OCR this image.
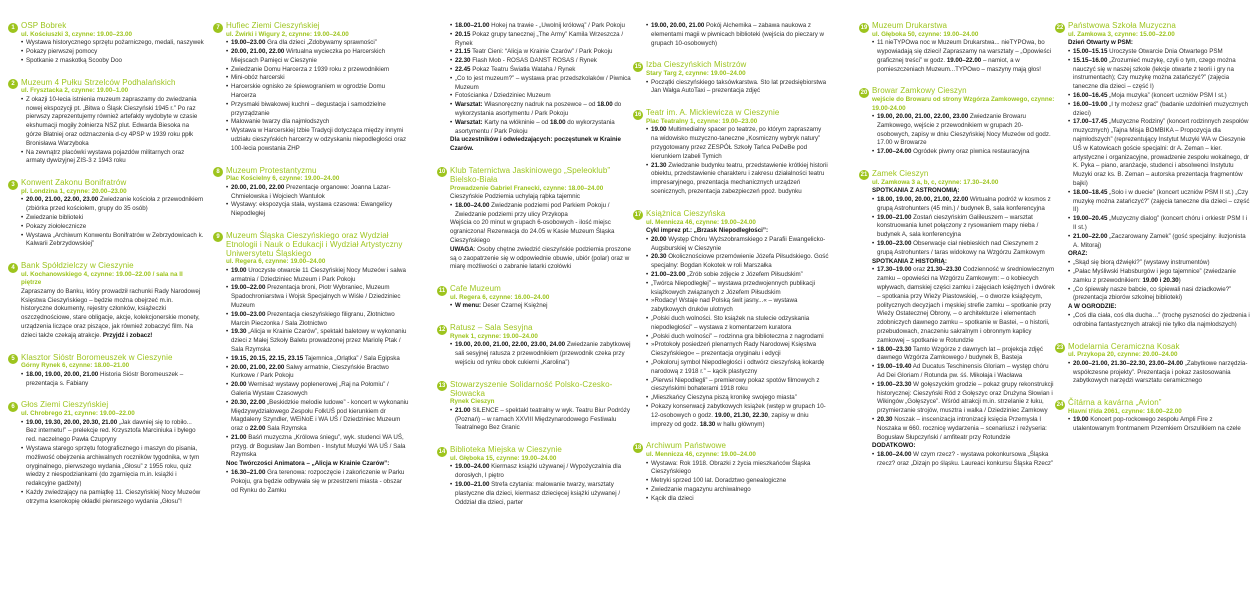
1 OSP Bobrek
ul. Kościuszki 3, czynne: 19.00–23.00
• Wystawa historycznego sprzętu pożarniczego, medali, naszywek
• Pokazy pierwszej pomocy
• Spotkanie z maskotką Scooby Doo
2 Muzeum 4 Pułku Strzelców Podhalańskich
ul. Frysztacka 2, czynne: 19.00–1.00
• Z okazji 10-lecia istnienia muzeum zapraszamy do zwiedzania nowej ekspozycji pt. „Bitwa o Śląsk Cieszyński 1945 r.” Po raz pierwszy zaprezentujemy również artefakty wydobyte w czasie ekshumacji mogiły żołnierza NSZ plut. Edwarda Biesoka na górze Błatniej oraz odznaczenia d-cy 4PSP w 1939 roku ppłk Bronisława Warzyboka
• Na zewnątrz placówki wystawa pojazdów militarnych oraz armaty dywizyjnej ZIS-3 z 1943 roku
3 Konwent Zakonu Bonifratrów
pl. Londzina 1, czynne: 20.00–23.00
• 20.00, 21.00, 22.00, 23.00 Zwiedzanie kościoła z przewodnikiem (zbiórka przed kościołem, grupy do 35 osób)
• Zwiedzanie biblioteki
• Pokazy ziołolecznicze
• Wystawa „Archiwum Konwentu Bonifratrów w Zebrzydowicach k. Kalwarii Zebrzydowskiej”
4 Bank Spółdzielczy w Cieszynie
ul. Kochanowskiego 4, czynne: 19.00–22.00 / sala na II piętrze
Zapraszamy do Banku, który prowadził rachunki Rady Narodowej Księstwa Cieszyńskiego – będzie można obejrzeć m.in. historyczne dokumenty, rejestry członków, książeczki oszczędnościowe, stare obligacje, akcje, kolekcjonerskie monety, urządzenia liczące oraz piszące, jak również zobaczyć film. Na dzieci także czekają atrakcje. Przyjdź i zobacz!
5 Klasztor Sióstr Boromeuszek w Cieszynie
Górny Rynek 6, czynne: 18.00–21.00
• 18.00, 19.00, 20.00, 21.00 Historia Sióstr Boromeuszek – prezentacja s. Fabiany
6 Głos Ziemi Cieszyńskiej
ul. Chrobrego 21, czynne: 19.00–22.00
• 19.00, 19.30, 20.00, 20.30, 21.00 „Jak dawniej się to robiło... Bez internetu!” – prelekcje red. Krzysztofa Marciniuka i byłego red. naczelnego Pawła Czupryny
• Wystawa starego sprzętu fotograficznego i maszyn do pisania, możliwość obejrzenia archiwalnych roczników tygodnika, w tym oryginalnego, pierwszego wydania „Głosu” z 1955 roku, quiz wiedzy z niespodziankami (do zgarnięcia m.in. książki i redakcyjne gadżety)
• Każdy zwiedzający na pamiątkę 11. Cieszyńskiej Nocy Muzeów otrzyma kserokopię okładki pierwszego wydania „Głosu”!
7 Hufiec Ziemi Cieszyńskiej
ul. Żwirki i Wigury 2, czynne: 19.00–24.00
• 19.00–23.00 Gra dla dzieci „Zdobywamy sprawności”
• 20.00, 21.00, 22.00 Wirtualna wycieczka po Harcerskich Miejscach Pamięci w Cieszynie
• Zwiedzanie Domu Harcerza z 1939 roku z przewodnikiem
• Mini-obóz harcerski
• Harcerskie ognisko ze śpiewograniem w ogrodzie Domu Harcerza
• Przysmaki biwakowej kuchni – degustacja i samodzielne przyrządzanie
• Malowanie twarzy dla najmłodszych
• Wystawa w Harcerskiej Izbie Tradycji dotycząca między innymi udziału cieszyńskich harcerzy w odzyskaniu niepodległości oraz 100-lecia powstania ZHP
8 Muzeum Protestantyzmu
Plac Kościelny 6, czynne: 19.00–24.00
• 20.00, 21.00, 22.00 Prezentacje organowe: Joanna Lazar-Chmielowska i Wojciech Wantulok
• Wystawy: ekspozycja stała, wystawa czasowa: Ewangelicy Niepodległej
9 Muzeum Śląska Cieszyńskiego oraz Wydział Etnologii i Nauk o Edukacji i Wydział Artystyczny Uniwersytetu Śląskiego
ul. Regera 6, czynne: 19.00–24.00
• 19.00 Uroczyste otwarcie 11 Cieszyńskiej Nocy Muzeów i salwa armatnia / Dziedziniec Muzeum i Park Pokoju
• 19.00–22.00 Prezentacja broni, Piotr Wybraniec, Muzeum Spadochroniarstwa i Wojsk Specjalnych w Wiśle / Dziedziniec Muzeum
• 19.00–23.00 Prezentacja cieszyńskiego filigranu, Złotnictwo Marcin Pieczonka / Sala Złotnictwo
• 19.30 „Alicja w Krainie Czarów”, spektakl baletowy w wykonaniu dzieci z Małej Szkoły Baletu prowadzonej przez Mariolę Ptak / Sala Rzymska
• 19.15, 20.15, 22.15, 23.15 Tajemnica „Orlątka” / Sala Egipska
• 20.00, 21.00, 22.00 Salwy armatnie, Cieszyńskie Bractwo Kurkowe / Park Pokoju
• 20.00 Wernisaż wystawy poplenerowej „Raj na Połomiu” / Galeria Wystaw Czasowych
• 20.30, 22.00 „Beskidzkie melodie ludowe” - koncert w wykonaniu Międzywydziałowego Zespołu FolkUŚ pod kierunkiem dr Magdaleny Szyndler, WEiNoE i WA UŚ / Dziedziniec Muzeum oraz o 22.00 Sala Rzymska
• 21.00 Baśń muzyczna „Królowa śniegu”, wyk. studenci WA UŚ, przyg. dr Bogusław Jan Bomben - Instytut Muzyki WA UŚ / Sala Rzymska
Noc Twórczości Animatora – „Alicja w Krainie Czarów”:
• 16.30–21.00 Gra terenowa: rozpoczęcie i zakończenie w Parku Pokoju, gra będzie odbywała się w przestrzeni miasta - obszar od Rynku do Zamku
• 18.00–21.00 Hokej na trawie - „Uwolnij królową” / Park Pokoju
• 20.15 Pokaz grupy tanecznej „The Army” Kamila Wrzeszcza / Rynek
• 21.15 Teatr Cieni: “Alicja w Krainie Czarów” / Park Pokoju
• 22.30 Flash Mob - ROSAS DANST ROSAS / Rynek
• 22.45 Pokaz Teatru Światła Wataha / Rynek
• „Co to jest muzeum?” – wystawa prac przedszkolaków / Piwnica Muzeum
• Fotościanka / Dziedziniec Muzeum
• Warsztat: Własnoręczny nadruk na poszewce – od 18.00 do wykorzystania asortymentu / Park Pokoju
• Warsztat: Karty na włókninie – od 18.00 do wykorzystania asortymentu / Park Pokoju
Dla uczestników i odwiedzających: poczęstunek w Krainie Czarów.
10 Klub Taternictwa Jaskiniowego „Speleoklub” Bielsko-Biała
Prowadzenie Gabriel Franecki, czynne: 18.00–24.00
Cieszyńskie Podziemia uchylają rąbka tajemnic
• 18.00–24.00 Zwiedzanie podziemi pod Parkiem Pokoju / Zwiedzanie podziemi przy ulicy Przykopa
Wejścia co 20 minut w grupach 6-osobowych - ilość miejsc ograniczona! Rezerwacja do 24.05 w Kasie Muzeum Śląska Cieszyńskiego
UWAGA: Osoby chętne zwiedzić cieszyńskie podziemia proszone są o zaopatrzenie się w odpowiednie obuwie, ubiór (polar) oraz w miarę możliwości o zabranie latarki czołówki
11 Cafe Muzeum
ul. Regera 6, czynne: 16.00–24.00
• W menu: Deser Czarnej Księżnej
12 Ratusz – Sala Sesyjna
Rynek 1, czynne: 19.00–24.00
• 19.00, 20.00, 21.00, 22.00, 23.00, 24.00 Zwiedzanie zabytkowej sali sesyjnej ratusza z przewodnikiem (przewodnik czeka przy wejściu od rynku obok cukierni „Karolina”)
13 Stowarzyszenie Solidarność Polsko-Czesko-Słowacka
Rynek Cieszyn
• 21.00 SILENCE – spektakl teatralny w wyk. Teatru Biur Podróży (Poznań) – w ramach XXVIII Międzynarodowego Festiwalu Teatralnego Bez Granic
14 Biblioteka Miejska w Cieszynie
ul. Głęboka 15, czynne: 19.00–24.00
• 19.00–24.00 Kiermasz książki używanej / Wypożyczalnia dla dorosłych, I piętro
• 19.00–21.00 Strefa czytania: malowanie twarzy, warsztaty plastyczne dla dzieci, kiermasz dziecięcej książki używanej / Oddział dla dzieci, parter
• 19.00, 20.00, 21.00 Pokój Alchemika – zabawa naukowa z elementami magii w piwnicach biblioteki (wejścia do pieczary w grupach 10-osobowych)
15 Izba Cieszyńskich Mistrzów
Stary Targ 2, czynne: 19.00–24.00
• Początki cieszyńskiego taksówkarstwa. Sto lat przedsiębiorstwa Jan Wałga AutoTaxi – prezentacja zdjęć
16 Teatr im. A. Mickiewicza w Cieszynie
Plac Teatralny 1, czynne: 19.00–23.00
• 19.00 Multimedialny spacer po teatrze, po którym zapraszamy na widowisko muzyczno-taneczne „Kosmiczny wybryk natury” przygotowany przez ZESPÓŁ Szkoły Tańca PeDeBe pod kierunkiem Izabeli Tymich
• 21.30 Zwiedzanie budynku teatru, przedstawienie krótkiej historii obiektu, przedstawienie charakteru i zakresu działalności teatru impresaryjnego, prezentacja mechanicznych urządzeń scenicznych, prezentacja zabezpieczeń ppoż. budynku
17 Książnica Cieszyńska
ul. Mennicza 46, czynne: 19.00–24.00
Cykl imprez pt.: „Brzask Niepodległości”:
• 20.00 Występ Chóru Wyższobramskiego z Parafii Ewangelicko-Augsburskiej w Cieszynie
• 20.30 Okolicznościowe przemówienie Józefa Piłsudskiego. Gość specjalny: Bogdan Kokotek w roli Marszałka
• 21.00–23.00 „Zrób sobie zdjęcie z Józefem Piłsudskim”
• „Twórca Niepodległej” – wystawa przedwojennych publikacji książkowych związanych z Józefem Piłsudskim
• »Rodacy! Wstaje nad Polską świt jasny...« – wystawa zabytkowych druków ulotnych
• „Polski duch wolności. Sto książek na stulecie odzyskania niepodległości” – wystawa z komentarzem kuratora
• „Polski duch wolności” – rodzinna gra biblioteczna z nagrodami
• »Protokoły posiedzeń plenarnych Rady Narodowej Księstwa Cieszyńskiego« – prezentacja oryginału i edycji
• „Pokoloruj symbol Niepodległości i odtwórz cieszyńską kokardę narodową z 1918 r.” – kącik plastyczny
• „Pierwsi Niepodlegli” – premierowy pokaz spotów filmowych z cieszyńskimi bohaterami 1918 roku
• „Mieszkańcy Cieszyna piszą kronikę swojego miasta”
• Pokazy konserwacji zabytkowych książek (wstęp w grupach 10-12-osobowych o godz. 19.00, 21.30, 22.30, zapisy w dniu imprezy od godz. 18.30 w hallu głównym)
18 Archiwum Państwowe
ul. Mennicza 46, czynne: 19.00–24.00
• Wystawa: Rok 1918. Obrazki z życia mieszkańców Śląska Cieszyńskiego
• Metryki sprzed 100 lat. Doradztwo genealogiczne
• Zwiedzanie magazynu archiwalnego
• Kącik dla dzieci
19 Muzeum Drukarstwa
ul. Głęboka 50, czynne: 19.00–24.00
• 11 nieTYPOwa noc w Muzeum Drukarstwa... nieTYPOwa, bo wypowiadają się dzieci! Zapraszamy na warsztaty – „Opowieści graficznej treści” w godz. 19.00–22.00 – namiot, a w pomieszczeniach Muzeum...TYPOwo – maszyny mają głos!
20 Browar Zamkowy Cieszyn
wejście do Browaru od strony Wzgórza Zamkowego, czynne: 19.00-24.00
• 19.00, 20.00, 21.00, 22.00, 23.00 Zwiedzanie Browaru Zamkowego, wejście z przewodnikiem w grupach 20-osobowych, zapisy w dniu Cieszyńskiej Nocy Muzeów od godz. 17.00 w Browarze
• 17.00–24.00 Ogródek piwny oraz piwnica restauracyjna
21 Zamek Cieszyn
ul. Zamkowa 3 a, b, c, czynne: 17.30–24.00
SPOTKANIA Z ASTRONOMIĄ:
• 18.00, 19.00, 20.00, 21.00, 22.00 Wirtualna podróż w kosmos z grupą Astrohunters (45 min.) / budynek B, sala konferencyjna
• 19.00–21.00 Zostań cieszyńskim Galileuszem – warsztat konstruowania lunet połączony z rysowaniem mapy nieba / budynek A, sala konferencyjna
• 19.00–23.00 Obserwacje ciał niebieskich nad Cieszynem z grupą Astrohunters / taras widokowy na Wzgórzu Zamkowym
SPOTKANIA Z HISTORIĄ:
• 17.30–19.00 oraz 21.30–23.30 Codzienność w średniowiecznym zamku – opowieści na Wzgórzu Zamkowym: – o kobiecych wpływach, damskiej części zamku i zajęciach księżnych i dwórek – spotkania przy Wieży Piastowskiej, – o dworze książęcym, politycznych decyzjach i męskiej strefie zamku – spotkanie przy Wieży Ostatecznej Obrony, – o architekturze i elementach zdobniczych dawnego zamku – spotkanie w Bastei, – o historii, przebudowach, znaczeniu sakralnym i obronnym kaplicy zamkowej – spotkanie w Rotundzie
• 18.00–23.30 Tamto Wzgórze z dawnych lat – projekcja zdjęć dawnego Wzgórza Zamkowego / budynek B, Basteja
• 19.00–19.40 Ad Ducatus Teschinensis Gloriam – występ chóru Ad Dei Gloriam / Rotunda pw. śś. Mikołaja i Wacława
• 19.00–23.30 W gołęszyckim grodzie – pokaz grupy rekonstrukcji historycznej: Cieszyński Ród z Gołęszyc oraz Drużyna Słowian i Wikingów „Gołęszyce”. Wśród atrakcji m.in. strzelanie z łuku, przymierzanie strojów, musztra i walka / Dziedziniec Zamkowy
• 20.30 Noszak – inscenizacja intronizacji księcia Przemysła I Noszaka w 660. rocznicę wydarzenia – scenariusz i reżyseria: Bogusław Słupczyński / amfiteatr przy Rotundzie
DODATKOWO:
• 18.00–24.00 W czym rzecz? - wystawa pokonkursowa „Śląska rzecz? oraz „Dizajn po śląsku. Laureaci konkursu Śląska Rzecz”
22 Państwowa Szkoła Muzyczna
ul. Zamkowa 3, czynne: 15.00–22.00
Dzień Otwarty w PSM:
• 15.00–15.15 Uroczyste Otwarcie Dnia Otwartego PSM
• 15.15–16.00 „Zrozumieć muzykę, czyli o tym, czego można nauczyć się w naszej szkole (lekcje otwarte z teorii i gry na instrumentach); Czy muzykę można zatańczyć?” (zajęcia taneczne dla dzieci – część I)
• 16.00–16.45 „Moja muzyka” (koncert uczniów PSM I st.)
• 16.00–19.00 „I ty możesz grać” (badanie uzdolnień muzycznych dzieci)
• 17.00–17.45 „Muzyczne Rodziny” (koncert rodzinnych zespołów muzycznych) „Tajna Misja BOMBIKA – Propozycja dla najmłodszych” (reprezentujący Instytut Muzyki WA w Cieszynie UŚ w Katowicach goście specjalni: dr A. Zeman – kier. artystyczne i organizacyjne, prowadzenie zespołu wokalnego, dr K. Pyka – piano, aranżacje, studenci i absolwenci Instytutu Muzyki oraz ks. B. Zeman – autorska prezentacja fragmentów bajki)
• 18.00–18.45 „Solo i w duecie” (koncert uczniów PSM II st.) „Czy muzykę można zatańczyć?” (zajęcia taneczne dla dzieci – część II)
• 19.00–20.45 „Muzyczny dialog” (koncert chóru i orkiestr PSM I i II st.)
• 21.00–22.00 „Zaczarowany Zamek” (gość specjalny: iluzjonista A. Mitoraj)
ORAZ:
• „Skąd się biorą dźwięki?” (wystawy instrumentów)
• „Pałac Myśliwski Habsburgów i jego tajemnice” (zwiedzanie zamku z przewodnikiem: 19.00 i 20.30)
• „Co śpiewały nasze babcie, co śpiewali nasi dziadkowie?” (prezentacja zbiorów szkolnej biblioteki)
A W OGRODZIE:
• „Coś dla ciała, coś dla ducha…” (trochę pyszności do zjedzenia i odrobina fantastycznych atrakcji nie tylko dla najmłodszych)
23 Modelarnia Ceramiczna Kosak
ul. Przykopa 20, czynne: 20.00–24.00
• 20.00–21.00, 21.30–22.30, 23.00–24.00 „Zabytkowe narzędzia-współczesne projekty”. Prezentacja i pokaz zastosowania zabytkowych narzędzi warsztatu ceramicznego
24 Čítárna a kavárna „Avion”
Hlavní třída 2061, czynne: 18.00–22.00
• 19.00 Koncert pop-rockowego zespołu Ampli Fire z utalentowanym frontmanem Przemkiem Orszulikiem na czele
